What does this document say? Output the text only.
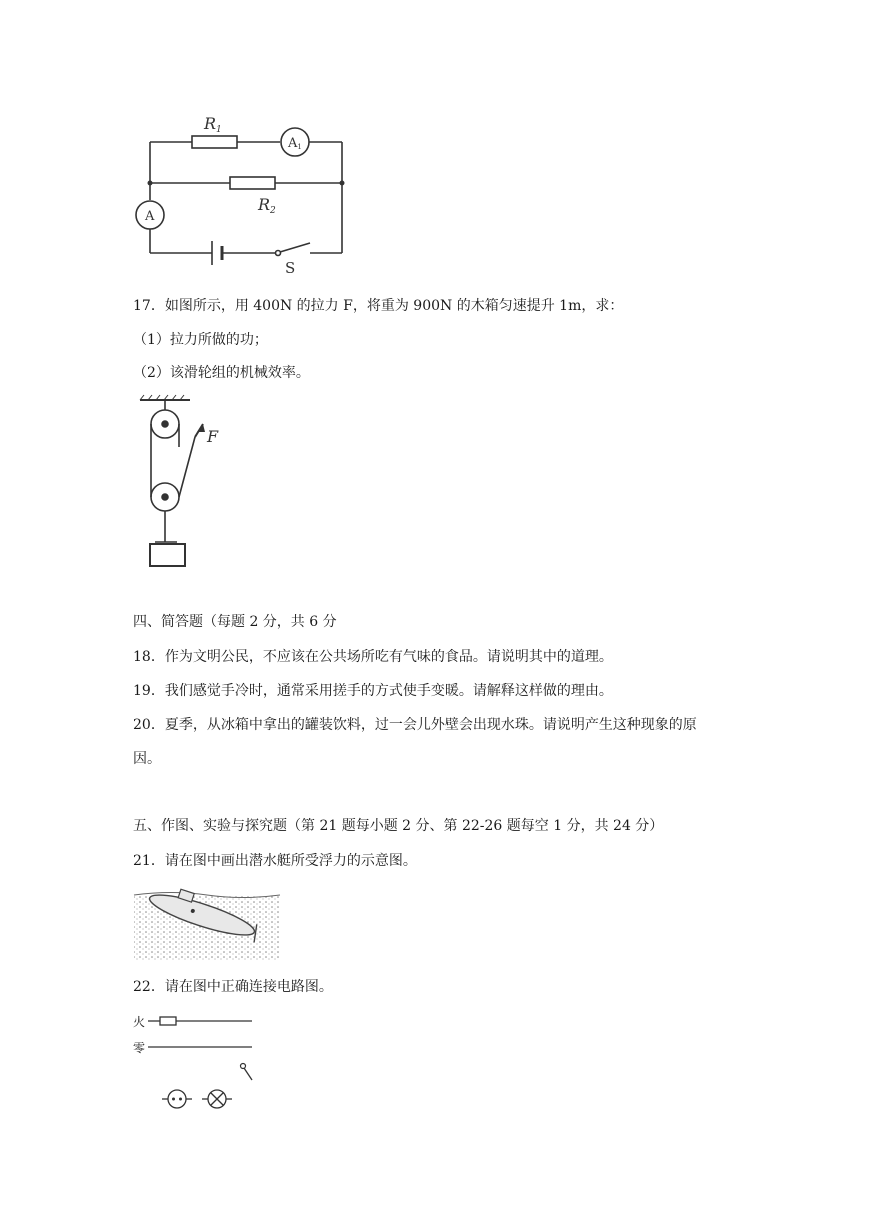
R1
R2
A1
A
S
17．如图所示，用 400N 的拉力 F，将重为 900N 的木箱匀速提升 1m，求：
（1）拉力所做的功；
（2）该滑轮组的机械效率。
F
四、简答题（每题 2 分，共 6 分
18．作为文明公民，不应该在公共场所吃有气味的食品。请说明其中的道理。
19．我们感觉手冷时，通常采用搓手的方式使手变暖。请解释这样做的理由。
20．夏季，从冰箱中拿出的罐装饮料，过一会儿外壁会出现水珠。请说明产生这种现象的原
因。
五、作图、实验与探究题（第 21 题每小题 2 分、第 22-26 题每空 1 分，共 24 分）
21．请在图中画出潜水艇所受浮力的示意图。
22．请在图中正确连接电路图。
火
零
